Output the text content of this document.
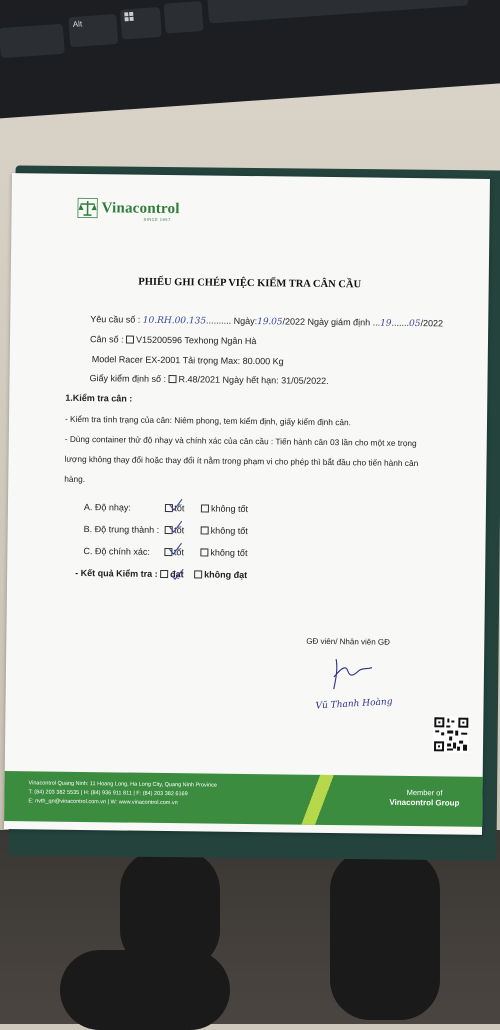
Alt
Vinacontrol
SINCE 1957
PHIẾU GHI CHÉP VIỆC KIỂM TRA CÂN CẦU
Yêu cầu số : 10.RH.00.135.......... Ngày:19.05/2022 Ngày giám định ...19.......05/2022
Cân số : V15200596 Texhong Ngân Hà
Model Racer EX-2001 Tải trọng Max: 80.000 Kg
Giấy kiểm định số : R.48/2021 Ngày hết hạn: 31/05/2022.
1.Kiểm tra cân :
- Kiểm tra tình trạng của cân: Niêm phong, tem kiểm định, giấy kiểm định cân.
- Dùng container thử độ nhạy và chính xác của cân cầu : Tiến hành cân 03 lần cho một xe trọng
lượng không thay đổi hoặc thay đổi ít nằm trong phạm vi cho phép thì bắt đầu cho tiến hành cân
hàng.
A. Độ nhạy:	tốt	không tốt
B. Độ trung thành : tốt	không tốt
C. Độ chính xác:	tốt	không tốt
- Kết quả Kiểm tra : đạt không đạt
GĐ viên/ Nhân viên GĐ
Vũ Thanh Hoàng
Vinacontrol Quang Ninh: 11 Hoang Long, Ha Long City, Quang Ninh Province
T: (84) 203 382 5535 | H: (84) 936 911 811 | F: (84) 203 382 6169
E: nvth_qn@vinacontrol.com.vn | W: www.vinacontrol.com.vn
Member of
Vinacontrol Group
